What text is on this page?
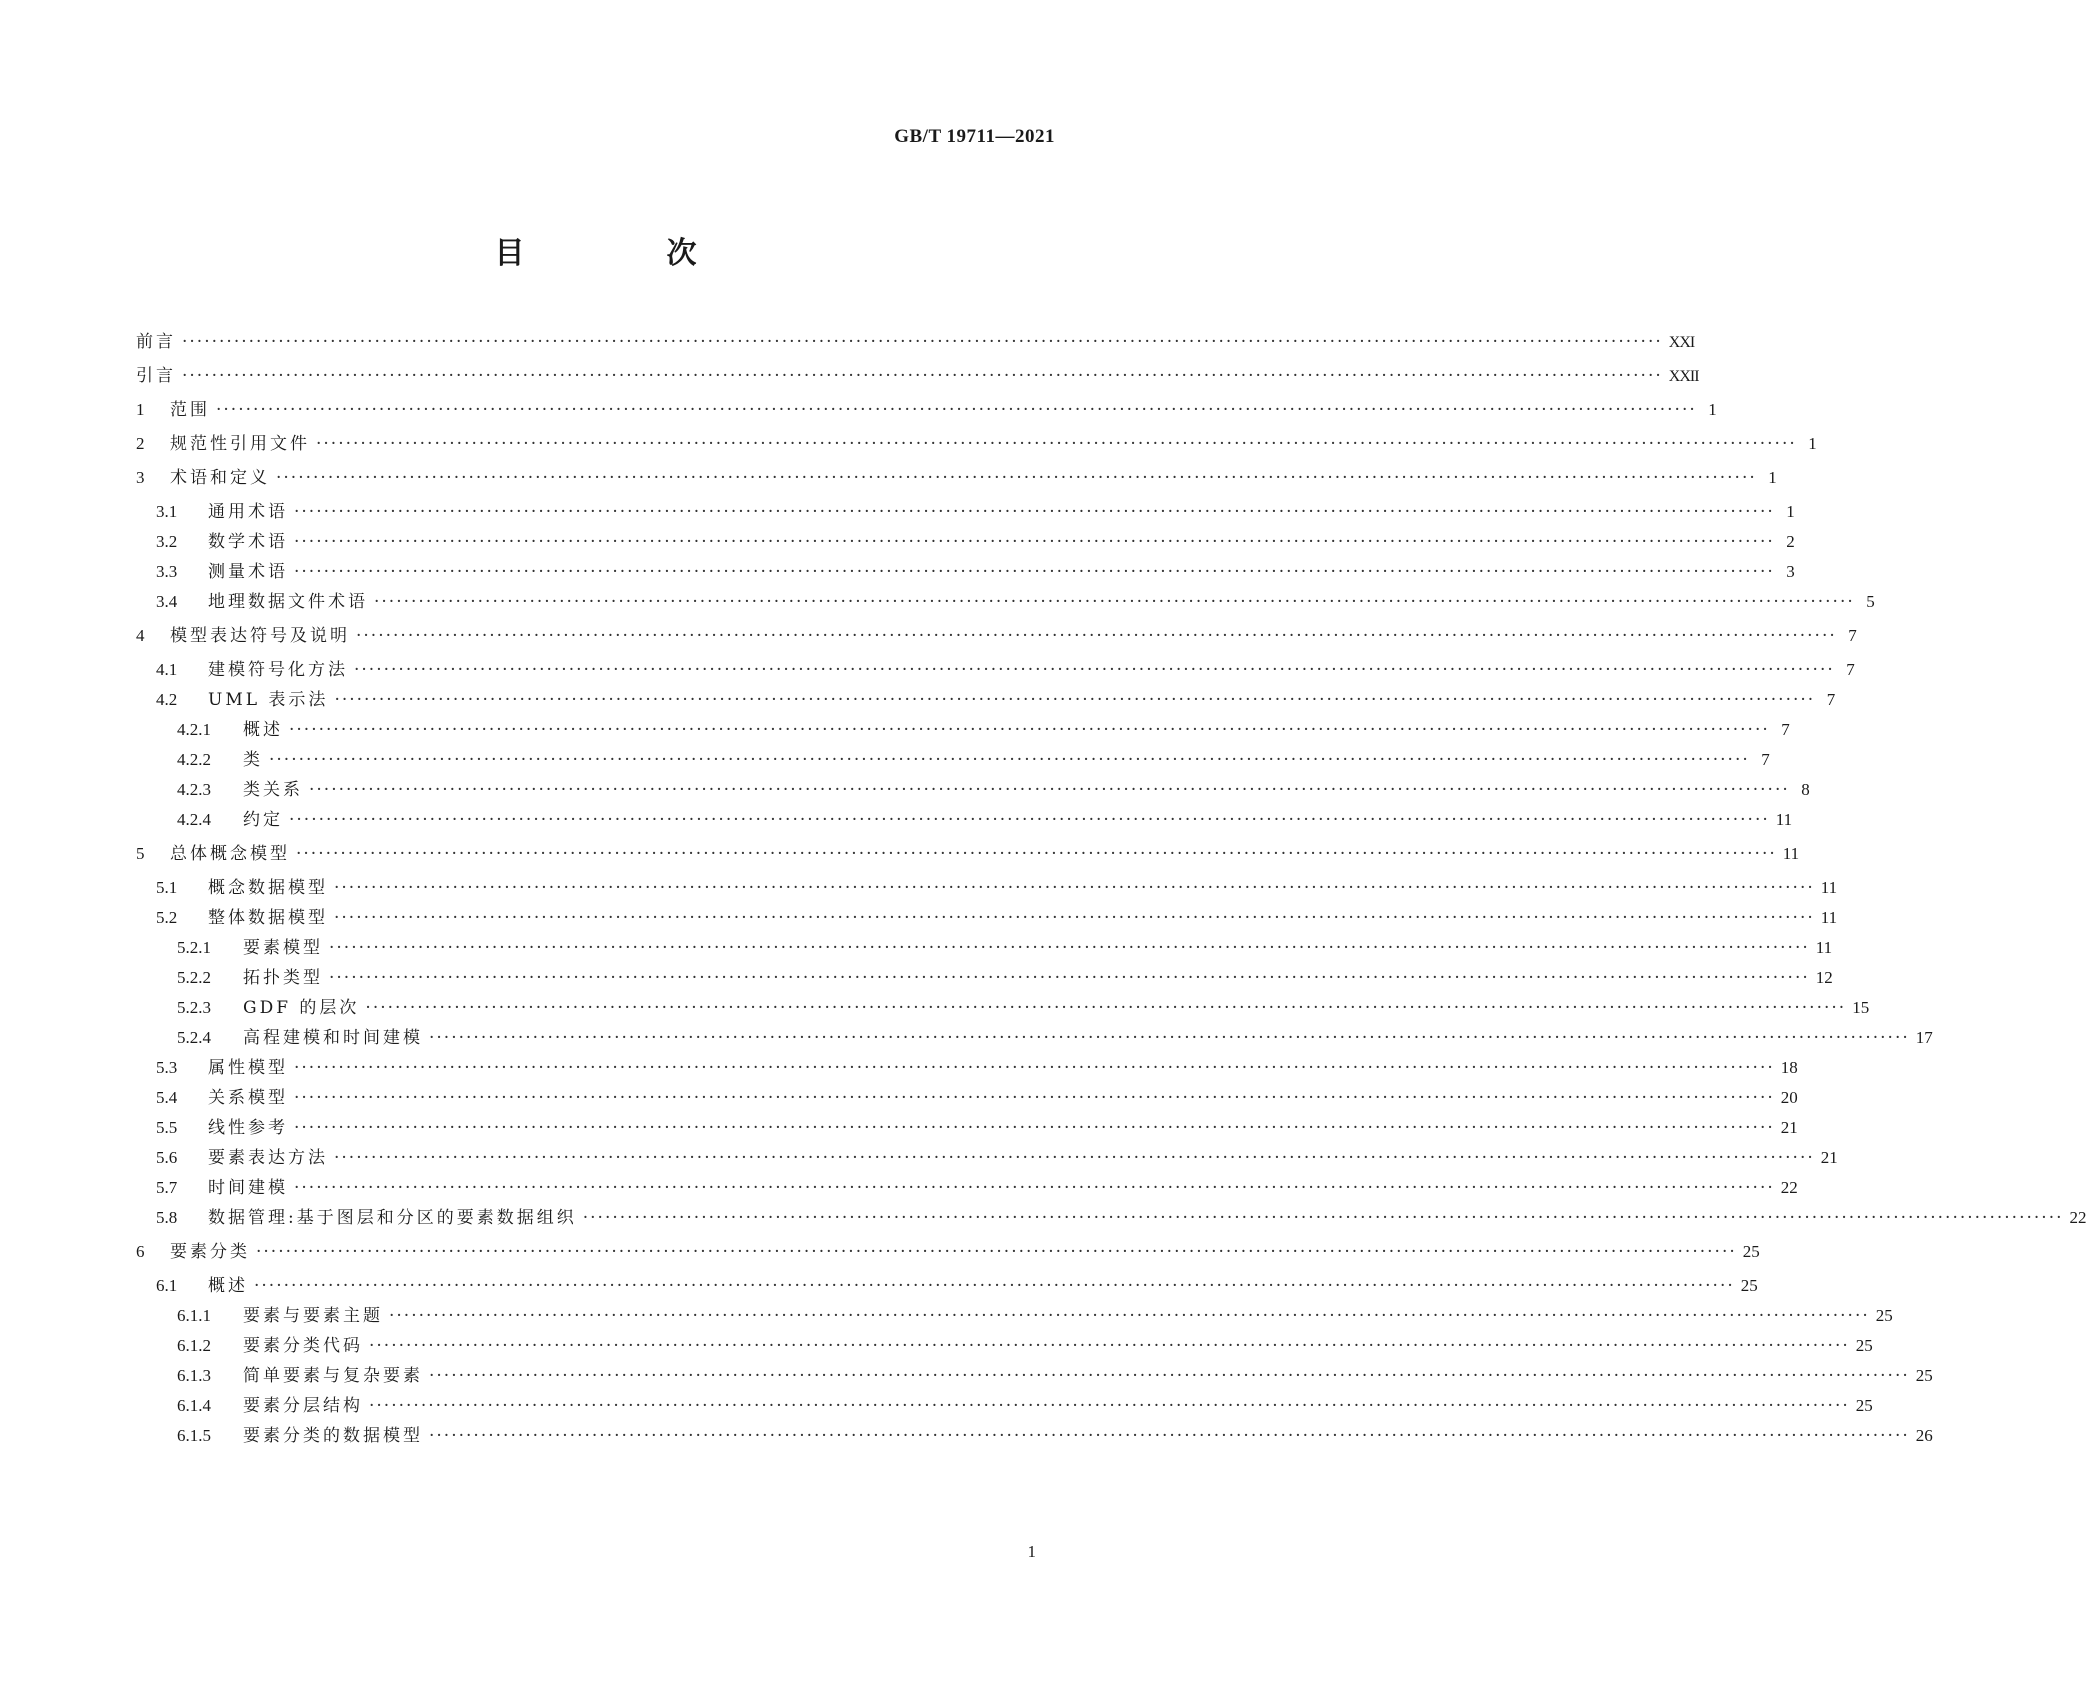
GB/T 19711—2021
目　次
前言 ········································································································································································································ XXI
引言 ········································································································································································································ XXII
1	范围 ········································································································································································································ 1
2	规范性引用文件 ········································································································································································································ 1
3	术语和定义 ········································································································································································································ 1
3.1	通用术语 ········································································································································································································ 1
3.2	数学术语 ········································································································································································································ 2
3.3	测量术语 ········································································································································································································ 3
3.4	地理数据文件术语 ········································································································································································································ 5
4	模型表达符号及说明 ········································································································································································································ 7
4.1	建模符号化方法 ········································································································································································································ 7
4.2	UML 表示法 ········································································································································································································ 7
4.2.1	概述 ········································································································································································································ 7
4.2.2	类 ········································································································································································································ 7
4.2.3	类关系 ········································································································································································································ 8
4.2.4	约定 ········································································································································································································ 11
5	总体概念模型 ········································································································································································································ 11
5.1	概念数据模型 ········································································································································································································ 11
5.2	整体数据模型 ········································································································································································································ 11
5.2.1	要素模型 ········································································································································································································ 11
5.2.2	拓扑类型 ········································································································································································································ 12
5.2.3	GDF 的层次 ········································································································································································································ 15
5.2.4	高程建模和时间建模 ········································································································································································································ 17
5.3	属性模型 ········································································································································································································ 18
5.4	关系模型 ········································································································································································································ 20
5.5	线性参考 ········································································································································································································ 21
5.6	要素表达方法 ········································································································································································································ 21
5.7	时间建模 ········································································································································································································ 22
5.8	数据管理:基于图层和分区的要素数据组织 ········································································································································································································ 22
6	要素分类 ········································································································································································································ 25
6.1	概述 ········································································································································································································ 25
6.1.1	要素与要素主题 ········································································································································································································ 25
6.1.2	要素分类代码 ········································································································································································································ 25
6.1.3	简单要素与复杂要素 ········································································································································································································ 25
6.1.4	要素分层结构 ········································································································································································································ 25
6.1.5	要素分类的数据模型 ········································································································································································································ 26
1
